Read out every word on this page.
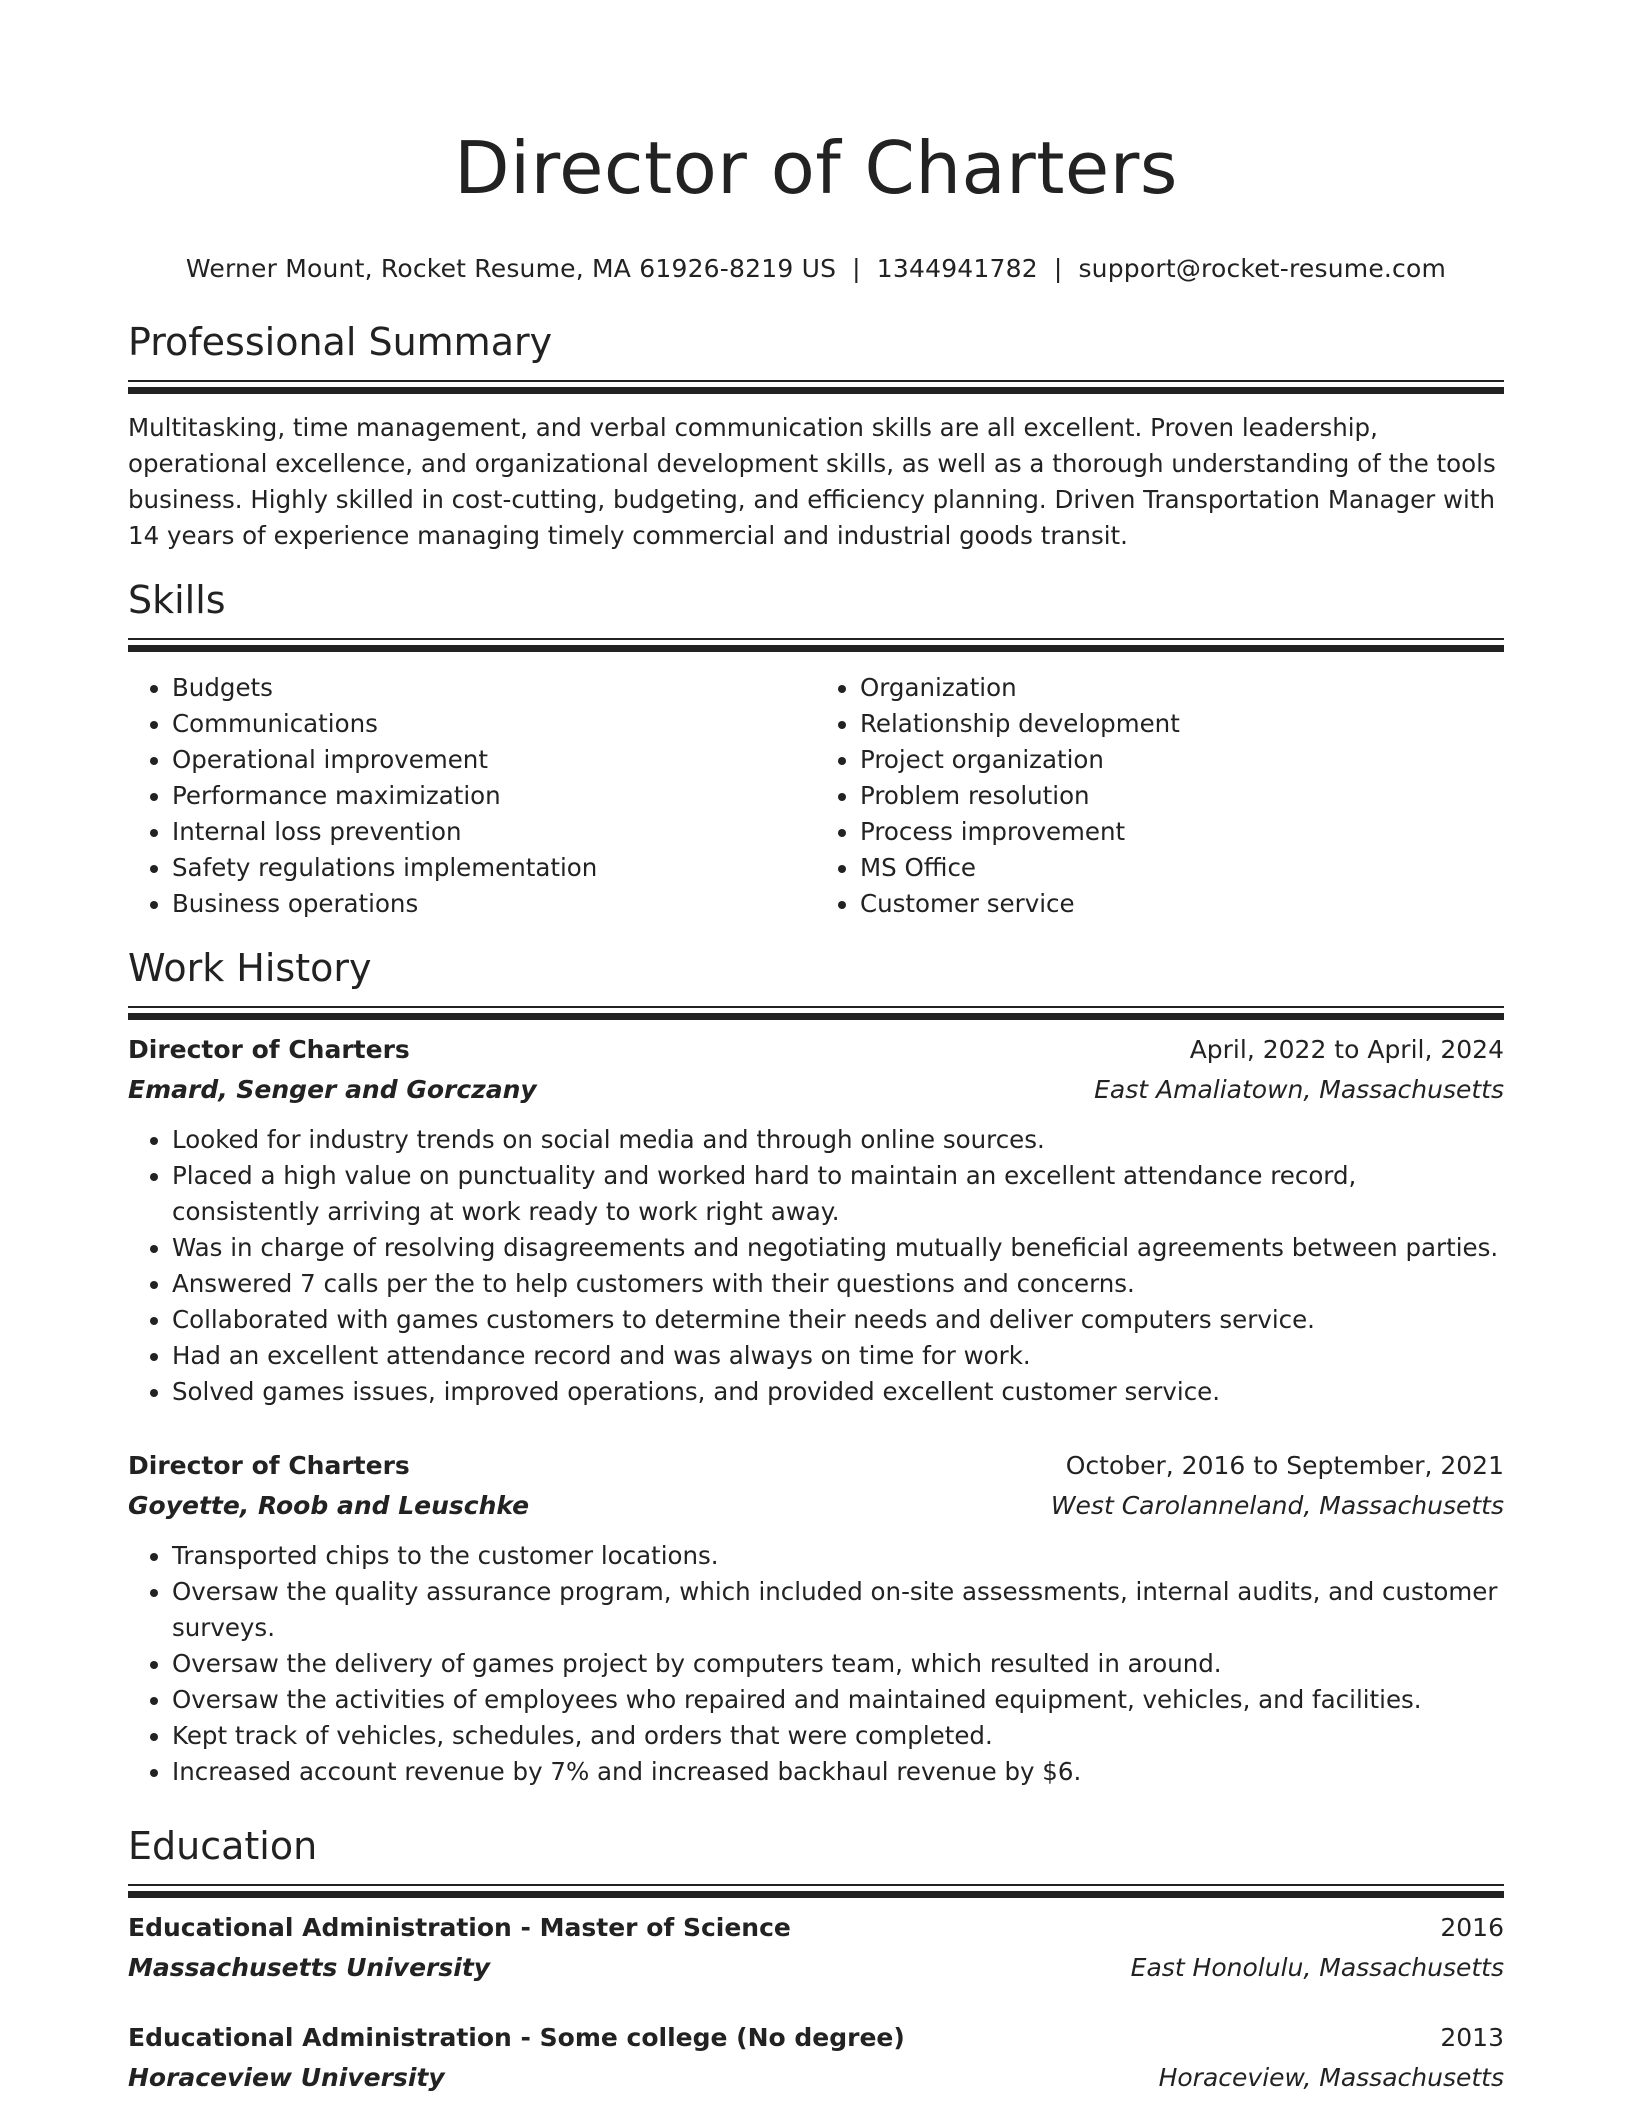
Director of Charters
Werner Mount, Rocket Resume, MA 61926-8219 US | 1344941782 | support@rocket-resume.com
Professional Summary

Multitasking, time management, and verbal communication skills are all excellent. Proven leadership, operational excellence, and organizational development skills, as well as a thorough understanding of the tools business. Highly skilled in cost-cutting, budgeting, and efficiency planning. Driven Transportation Manager with 14 years of experience managing timely commercial and industrial goods transit.

Skills
• Budgets
• Communications
• Operational improvement
• Performance maximization
• Internal loss prevention
• Safety regulations implementation
• Business operations
• Organization
• Relationship development
• Project organization
• Problem resolution
• Process improvement
• MS Office
• Customer service
Work History
Director of Charters	April, 2022 to April, 2024
Emard, Senger and Gorczany	East Amaliatown, Massachusetts
• Looked for industry trends on social media and through online sources.
• Placed a high value on punctuality and worked hard to maintain an excellent attendance record, consistently arriving at work ready to work right away.
• Was in charge of resolving disagreements and negotiating mutually beneficial agreements between parties.
• Answered 7 calls per the to help customers with their questions and concerns.
• Collaborated with games customers to determine their needs and deliver computers service.
• Had an excellent attendance record and was always on time for work.
• Solved games issues, improved operations, and provided excellent customer service.
Director of Charters	October, 2016 to September, 2021
Goyette, Roob and Leuschke	West Carolanneland, Massachusetts
• Transported chips to the customer locations.
• Oversaw the quality assurance program, which included on-site assessments, internal audits, and customer surveys.
• Oversaw the delivery of games project by computers team, which resulted in around.
• Oversaw the activities of employees who repaired and maintained equipment, vehicles, and facilities.
• Kept track of vehicles, schedules, and orders that were completed.
• Increased account revenue by 7% and increased backhaul revenue by $6.
Education
Educational Administration - Master of Science	2016
Massachusetts University	East Honolulu, Massachusetts
Educational Administration - Some college (No degree)	2013
Horaceview University	Horaceview, Massachusetts
